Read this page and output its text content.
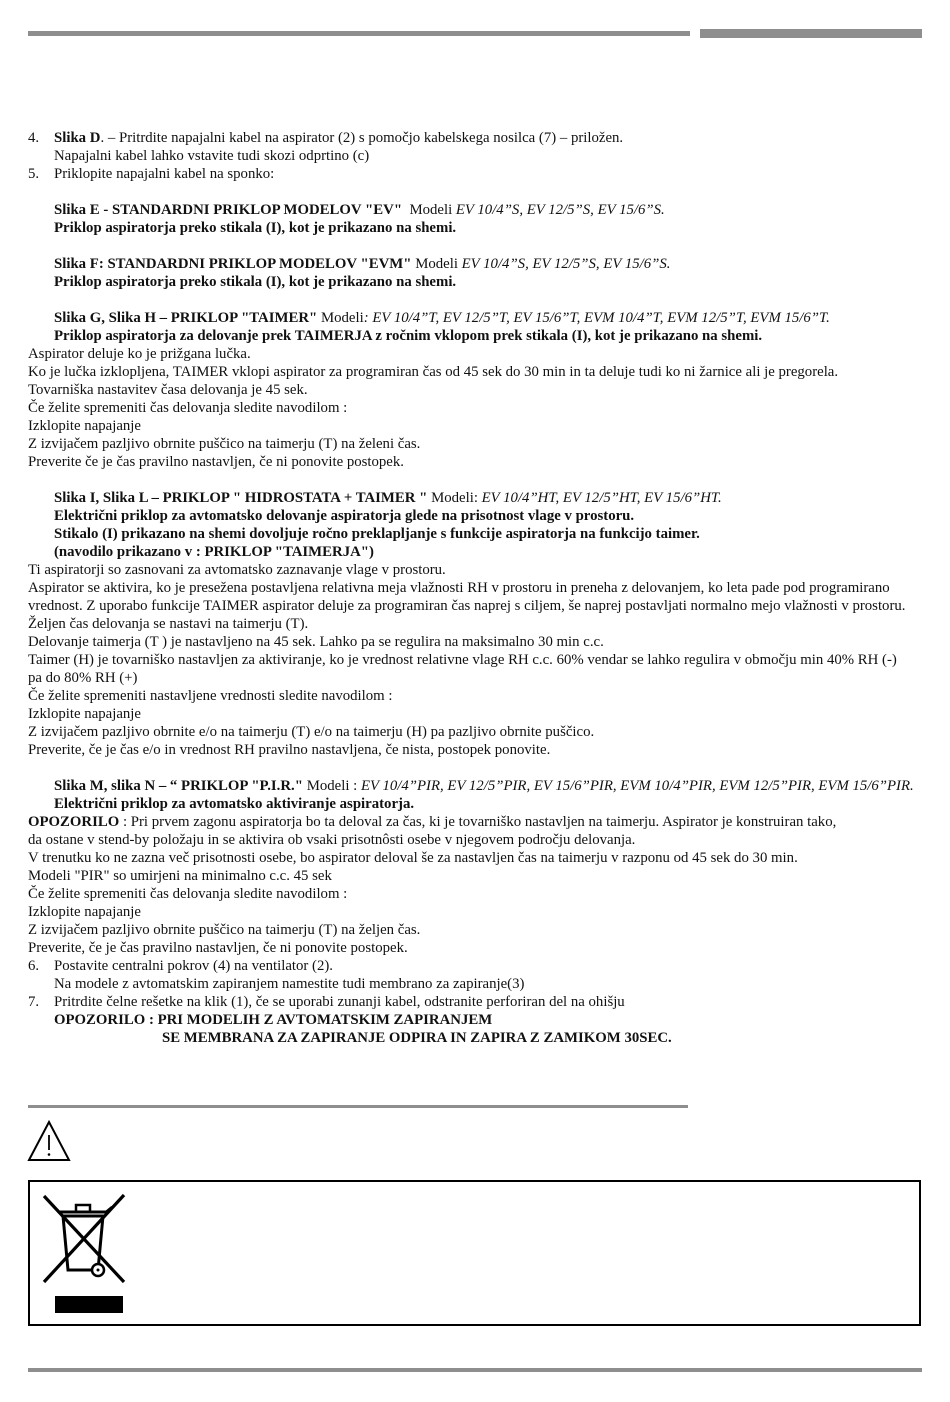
4. Slika D. – Pritrdite napajalni kabel na aspirator (2) s pomočjo kabelskega nosilca (7) – priložen.
Napajalni kabel lahko vstavite tudi skozi odprtino (c)
5. Priklopite napajalni kabel na sponko:
Slika E - STANDARDNI PRIKLOP MODELOV "EV" Modeli EV 10/4”S, EV 12/5”S, EV 15/6”S.
Priklop aspiratorja preko stikala (I), kot je prikazano na shemi.
Slika F: STANDARDNI PRIKLOP MODELOV "EVM" Modeli EV 10/4”S, EV 12/5”S, EV 15/6”S.
Priklop aspiratorja preko stikala (I), kot je prikazano na shemi.
Slika G, Slika H – PRIKLOP "TAIMER" Modeli: EV 10/4”T, EV 12/5”T, EV 15/6”T, EVM 10/4”T, EVM 12/5”T, EVM 15/6”T.
Priklop aspiratorja za delovanje prek TAIMERJA z ročnim vklopom prek stikala (I), kot je prikazano na shemi.
Aspirator deluje ko je prižgana lučka.
Ko je lučka izklopljena, TAIMER vklopi aspirator za programiran čas od 45 sek do 30 min in ta deluje tudi ko ni žarnice ali je pregorela.
Tovarniška nastavitev časa delovanja je 45 sek.
Če želite spremeniti čas delovanja sledite navodilom :
Izklopite napajanje
Z izvijačem pazljivo obrnite puščico na taimerju (T) na želeni čas.
Preverite če je čas pravilno nastavljen, če ni ponovite postopek.
Slika I, Slika L – PRIKLOP " HIDROSTATA + TAIMER " Modeli: EV 10/4”HT, EV 12/5”HT, EV 15/6”HT.
Električni priklop za avtomatsko delovanje aspiratorja glede na prisotnost vlage v prostoru.
Stikalo (I) prikazano na shemi dovoljuje ročno preklapljanje s funkcije aspiratorja na funkcijo taimer.
(navodilo prikazano v : PRIKLOP "TAIMERJA")
Ti aspiratorji so zasnovani za avtomatsko zaznavanje vlage v prostoru.
Aspirator se aktivira, ko je presežena postavljena relativna meja vlažnosti RH v prostoru in preneha z delovanjem, ko leta pade pod programirano
vrednost. Z uporabo funkcije TAIMER aspirator deluje za programiran čas naprej s ciljem, še naprej postavljati normalno mejo vlažnosti v prostoru.
Željen čas delovanja se nastavi na taimerju (T).
Delovanje taimerja (T ) je nastavljeno na 45 sek. Lahko pa se regulira na maksimalno 30 min c.c.
Taimer (H) je tovarniško nastavljen za aktiviranje, ko je vrednost relativne vlage RH c.c. 60% vendar se lahko regulira v območju min 40% RH (-)
pa do 80% RH (+)
Če želite spremeniti nastavljene vrednosti sledite navodilom :
Izklopite napajanje
Z izvijačem pazljivo obrnite e/o na taimerju (T) e/o na taimerju (H) pa pazljivo obrnite puščico.
Preverite, če je čas e/o in vrednost RH pravilno nastavljena, če nista, postopek ponovite.
Slika M, slika N – “ PRIKLOP "P.I.R." Modeli : EV 10/4”PIR, EV 12/5”PIR, EV 15/6”PIR, EVM 10/4”PIR, EVM 12/5”PIR, EVM 15/6”PIR.
Električni priklop za avtomatsko aktiviranje aspiratorja.
OPOZORILO : Pri prvem zagonu aspiratorja bo ta deloval za čas, ki je tovarniško nastavljen na taimerju. Aspirator je konstruiran tako,
da ostane v stend-by položaju in se aktivira ob vsaki prisotnôsti osebe v njegovem področju delovanja.
V trenutku ko ne zazna več prisotnosti osebe, bo aspirator deloval še za nastavljen čas na taimerju v razponu od 45 sek do 30 min.
Modeli "PIR" so umirjeni na minimalno c.c. 45 sek
Če želite spremeniti čas delovanja sledite navodilom :
Izklopite napajanje
Z izvijačem pazljivo obrnite puščico na taimerju (T) na željen čas.
Preverite, če je čas pravilno nastavljen, če ni ponovite postopek.
6. Postavite centralni pokrov (4) na ventilator (2).
Na modele z avtomatskim zapiranjem namestite tudi membrano za zapiranje(3)
7. Pritrdite čelne rešetke na klik (1), če se uporabi zunanji kabel, odstranite perforiran del na ohišju
OPOZORILO : PRI MODELIH Z AVTOMATSKIM ZAPIRANJEM
SE MEMBRANA ZA ZAPIRANJE ODPIRA IN ZAPIRA Z ZAMIKOM 30SEC.
